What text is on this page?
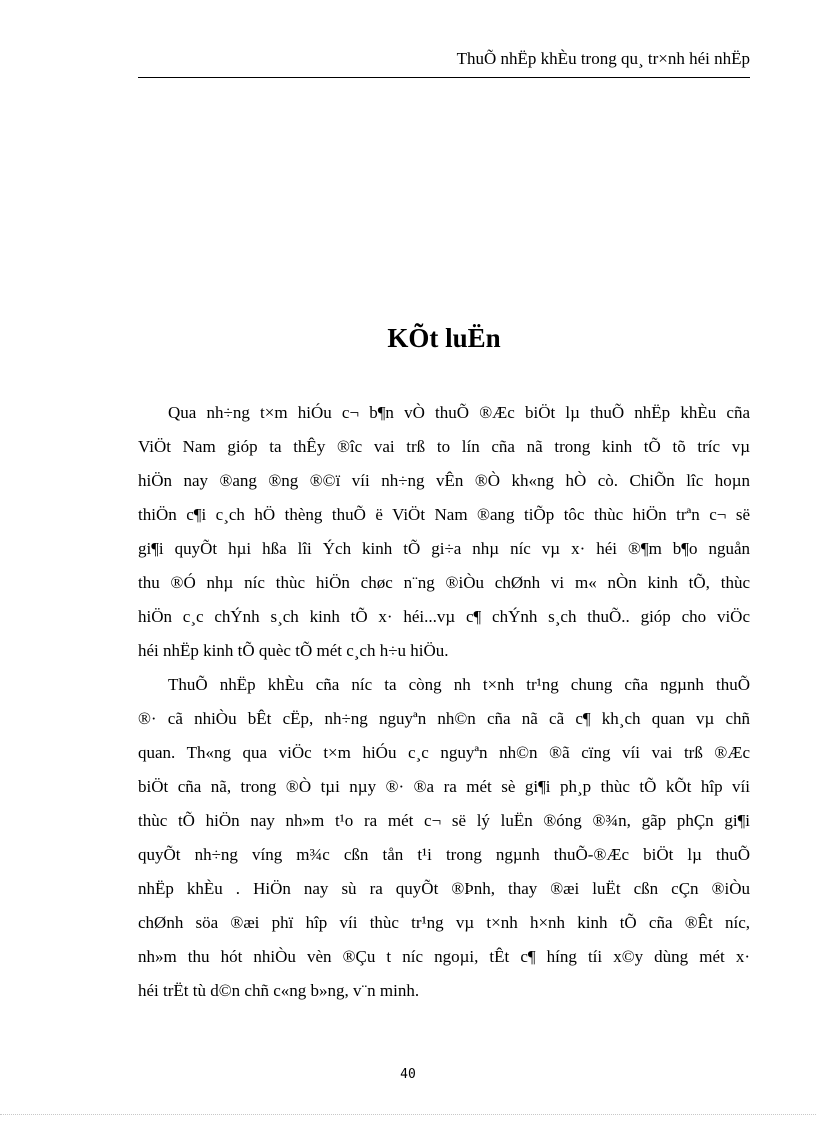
ThuÕ nhËp khÈu trong qu¸ tr×nh héi nhËp
KÕt luËn
Qua nh÷ng t×m hiÓu c¬ b¶n vÒ thuÕ ®Æc biÖt lµ thuÕ nhËp khÈu cña
ViÖt Nam gióp ta thÊy ®îc vai trß to lín cña nã trong kinh tÕ tõ tríc vµ
hiÖn nay ®ang ®ng ®©ï víi nh÷ng vÊn ®Ò kh«ng hÒ cò. ChiÕn lîc hoµn
thiÖn c¶i c¸ch hÖ thèng thuÕ ë ViÖt Nam ®ang tiÕp tôc thùc hiÖn trªn c¬ së
gi¶i quyÕt hµi hßa lîi Ých kinh tÕ gi÷a nhµ níc vµ x· héi ®¶m b¶o nguån
thu ®Ó nhµ níc thùc hiÖn chøc n¨ng ®iÒu chØnh vi m« nÒn kinh tÕ, thùc
hiÖn c¸c chÝnh s¸ch kinh tÕ x· héi...vµ c¶ chÝnh s¸ch thuÕ.. gióp cho viÖc
héi nhËp kinh tÕ quèc tÕ mét c¸ch h÷u hiÖu.
ThuÕ nhËp khÈu cña níc ta còng nh t×nh tr¹ng chung cña ngµnh thuÕ
®· cã nhiÒu bÊt cËp, nh÷ng nguyªn nh©n cña nã cã c¶ kh¸ch quan vµ chñ
quan. Th«ng qua viÖc t×m hiÓu c¸c nguyªn nh©n ®ã cïng víi vai trß ®Æc
biÖt cña nã, trong ®Ò tµi nµy ®· ®a ra mét sè gi¶i ph¸p thùc tÕ kÕt hîp víi
thùc tÕ hiÖn nay nh»m t¹o ra mét c¬ së lý luËn ®óng ®¾n, gãp phÇn gi¶i
quyÕt nh÷ng víng m¾c cßn tån t¹i trong ngµnh thuÕ-®Æc biÖt lµ thuÕ
nhËp khÈu . HiÖn nay sù ra quyÕt ®Þnh, thay ®æi luËt cßn cÇn ®iÒu
chØnh söa ®æi phï hîp víi thùc tr¹ng vµ t×nh h×nh kinh tÕ cña ®Êt níc,
nh»m thu hót nhiÒu vèn ®Çu t níc ngoµi, tÊt c¶ híng tíi x©y dùng mét x·
héi trËt tù d©n chñ c«ng b»ng, v¨n minh.
40
